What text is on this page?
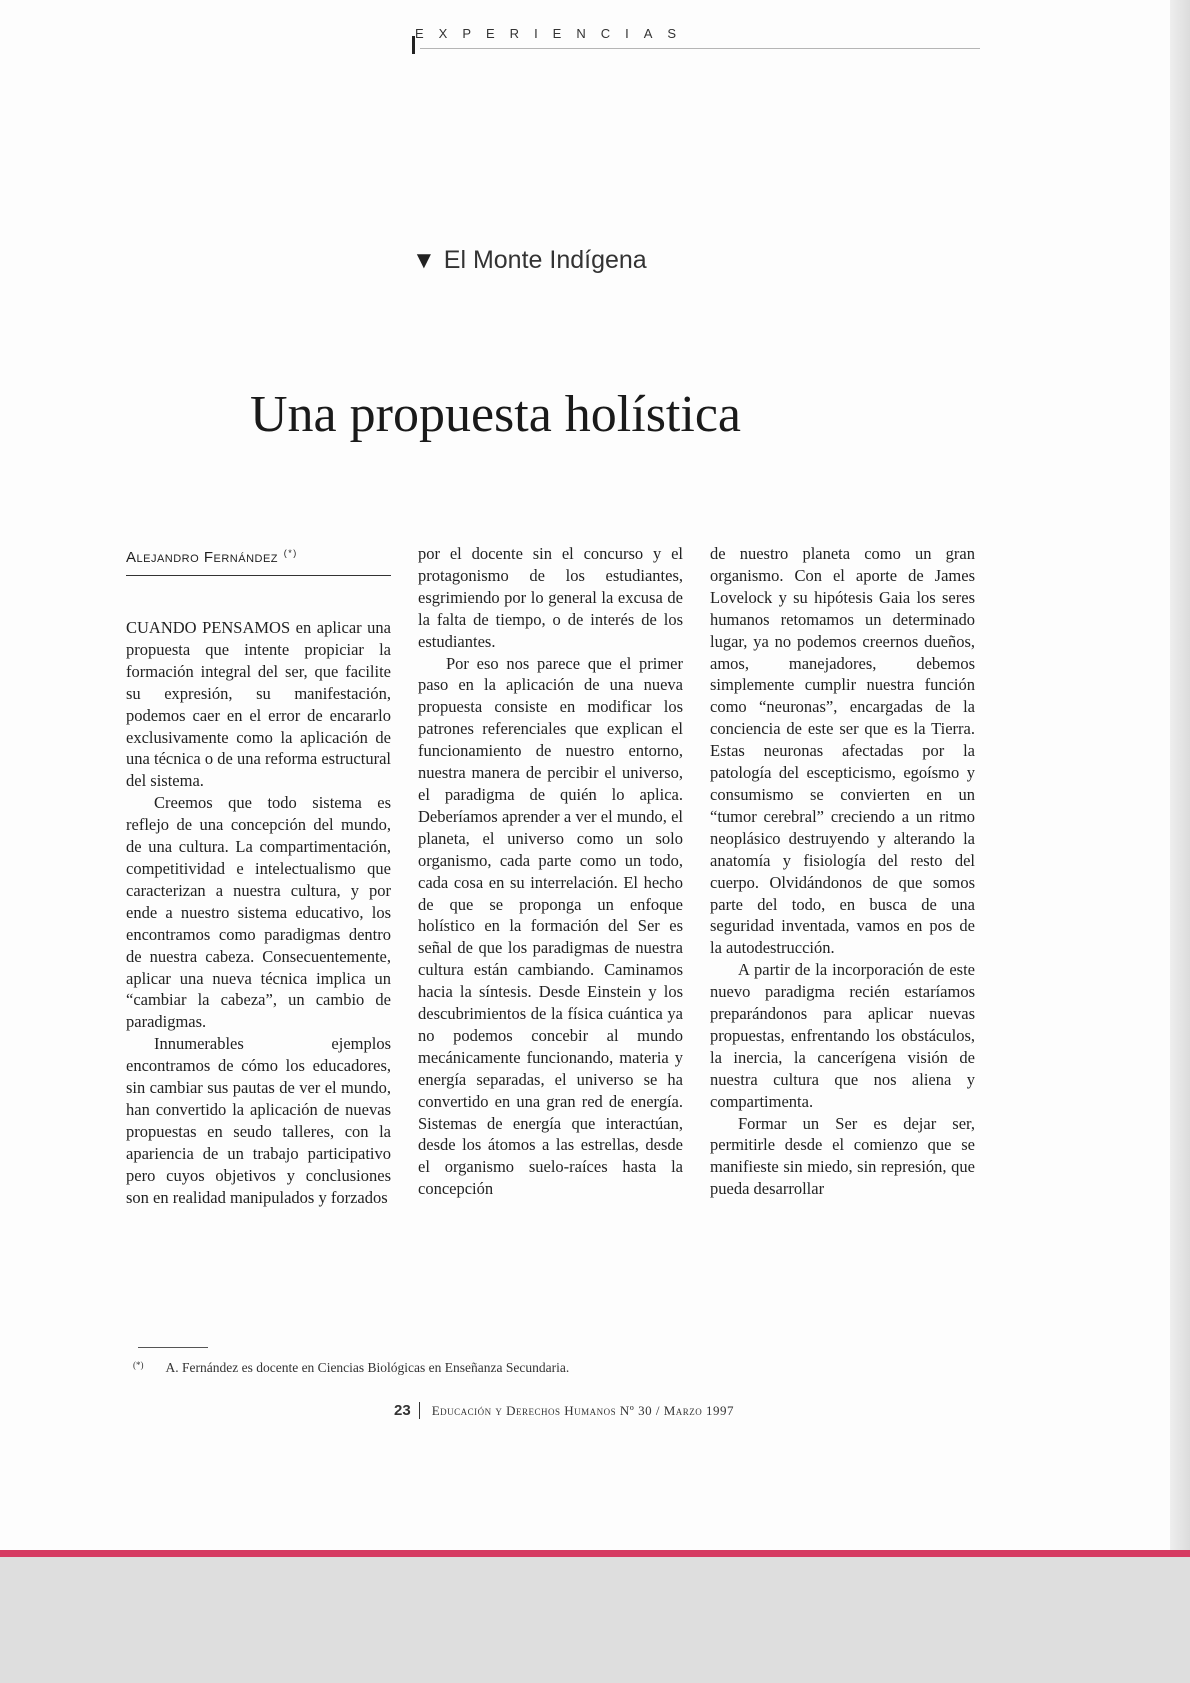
EXPERIENCIAS
▼ El Monte Indígena
Una propuesta holística
Alejandro Fernández (*)

CUANDO PENSAMOS en aplicar una propuesta que intente propiciar la formación integral del ser, que facilite su expresión, su manifestación, podemos caer en el error de encararlo exclusivamente como la aplicación de una técnica o de una reforma estructural del sistema.

Creemos que todo sistema es reflejo de una concepción del mundo, de una cultura. La compartimentación, competitividad e intelectualismo que caracterizan a nuestra cultura, y por ende a nuestro sistema educativo, los encontramos como paradigmas dentro de nuestra cabeza. Consecuentemente, aplicar una nueva técnica implica un “cambiar la cabeza”, un cambio de paradigmas.

Innumerables ejemplos encontramos de cómo los educadores, sin cambiar sus pautas de ver el mundo, han convertido la aplicación de nuevas propuestas en seudo talleres, con la apariencia de un trabajo participativo pero cuyos objetivos y conclusiones son en realidad manipulados y forzados

por el docente sin el concurso y el protagonismo de los estudiantes, esgrimiendo por lo general la excusa de la falta de tiempo, o de interés de los estudiantes.

Por eso nos parece que el primer paso en la aplicación de una nueva propuesta consiste en modificar los patrones referenciales que explican el funcionamiento de nuestro entorno, nuestra manera de percibir el universo, el paradigma de quién lo aplica. Deberíamos aprender a ver el mundo, el planeta, el universo como un solo organismo, cada parte como un todo, cada cosa en su interrelación. El hecho de que se proponga un enfoque holístico en la formación del Ser es señal de que los paradigmas de nuestra cultura están cambiando. Caminamos hacia la síntesis. Desde Einstein y los descubrimientos de la física cuántica ya no podemos concebir al mundo mecánicamente funcionando, materia y energía separadas, el universo se ha convertido en una gran red de energía. Sistemas de energía que interactúan, desde los átomos a las estrellas, desde el organismo suelo-raíces hasta la concepción

de nuestro planeta como un gran organismo. Con el aporte de James Lovelock y su hipótesis Gaia los seres humanos retomamos un determinado lugar, ya no podemos creernos dueños, amos, manejadores, debemos simplemente cumplir nuestra función como “neuronas”, encargadas de la conciencia de este ser que es la Tierra. Estas neuronas afectadas por la patología del escepticismo, egoísmo y consumismo se convierten en un “tumor cerebral” creciendo a un ritmo neoplásico destruyendo y alterando la anatomía y fisiología del resto del cuerpo. Olvidándonos de que somos parte del todo, en busca de una seguridad inventada, vamos en pos de la autodestrucción.

A partir de la incorporación de este nuevo paradigma recién estaríamos preparándonos para aplicar nuevas propuestas, enfrentando los obstáculos, la inercia, la cancerígena visión de nuestra cultura que nos aliena y compartimenta.

Formar un Ser es dejar ser, permitirle desde el comienzo que se manifieste sin miedo, sin represión, que pueda desarrollar

(*) A. Fernández es docente en Ciencias Biológicas en Enseñanza Secundaria.
23 Educación y Derechos Humanos Nº 30 / Marzo 1997
